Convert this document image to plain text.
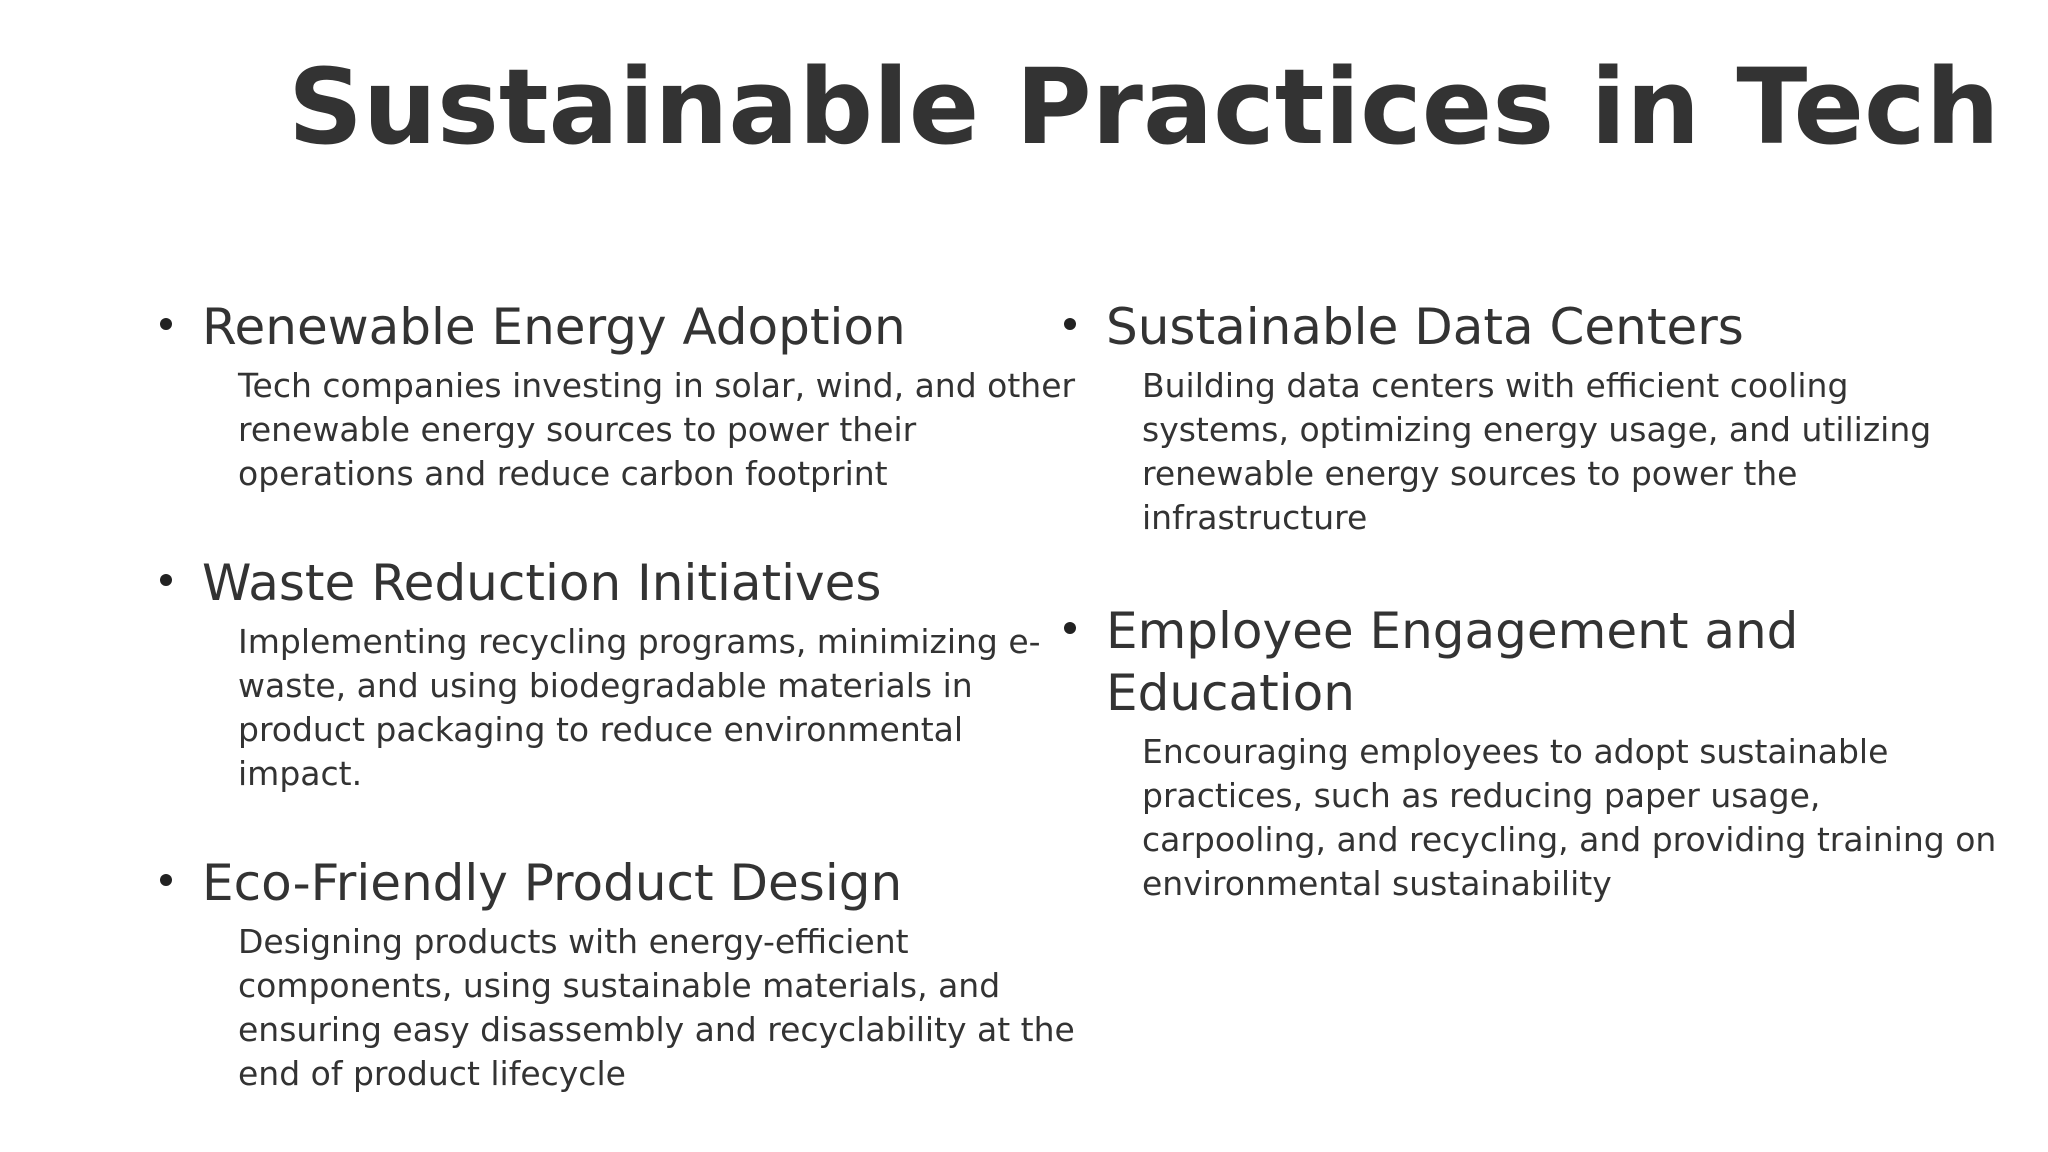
Sustainable Practices in Tech
Renewable Energy Adoption
Tech companies investing in solar, wind, and other
renewable energy sources to power their
operations and reduce carbon footprint
Waste Reduction Initiatives
Implementing recycling programs, minimizing e-
waste, and using biodegradable materials in
product packaging to reduce environmental
impact.
Eco-Friendly Product Design
Designing products with energy-efficient
components, using sustainable materials, and
ensuring easy disassembly and recyclability at the
end of product lifecycle
Sustainable Data Centers
Building data centers with efficient cooling
systems, optimizing energy usage, and utilizing
renewable energy sources to power the
infrastructure
Employee Engagement and
Education
Encouraging employees to adopt sustainable
practices, such as reducing paper usage,
carpooling, and recycling, and providing training on
environmental sustainability
